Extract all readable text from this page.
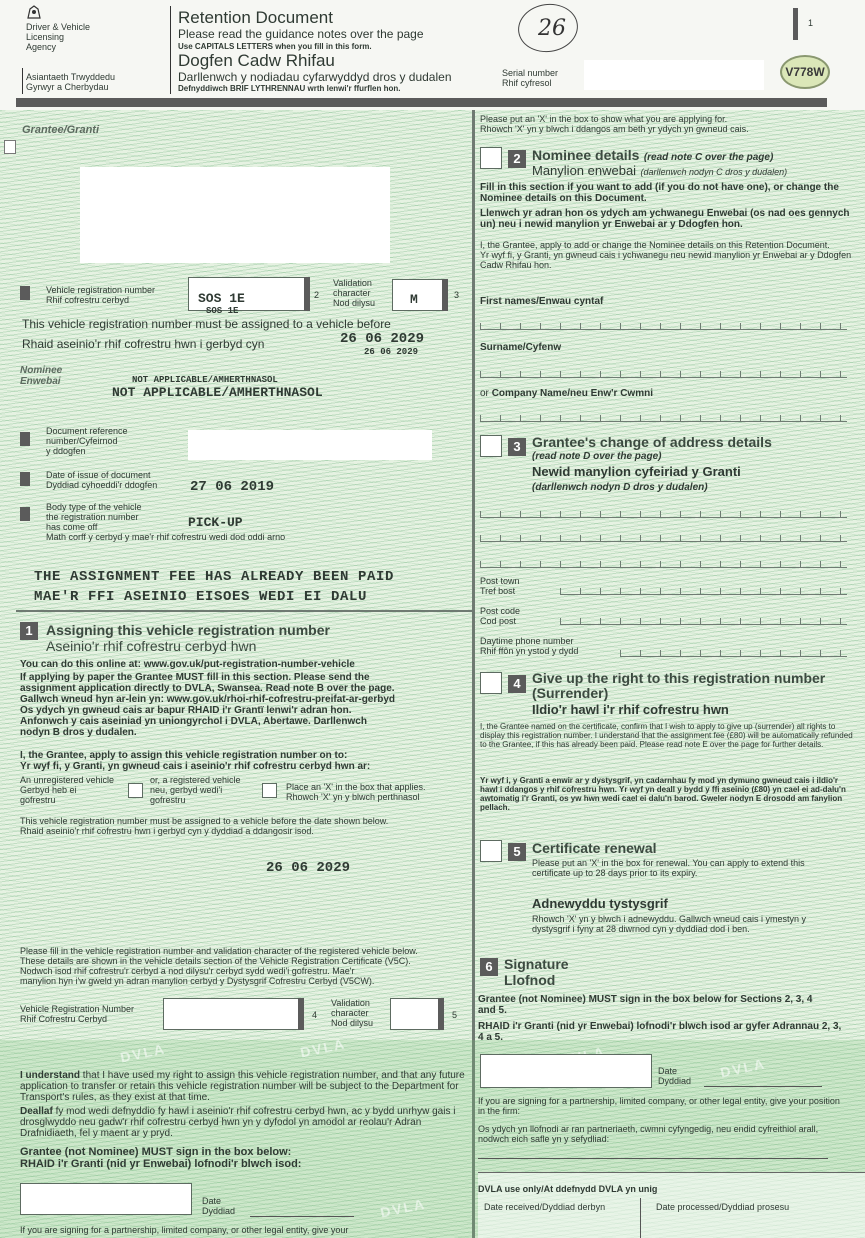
Driver & Vehicle
Licensing
Agency
Asiantaeth Trwyddedu
Gyrwyr a Cherbydau
Retention Document
Please read the guidance notes over the page
Use CAPITALS LETTERS when you fill in this form.
Dogfen Cadw Rhifau
Darllenwch y nodiadau cyfarwyddyd dros y dudalen
Defnyddiwch BRIF LYTHRENNAU wrth lenwi'r ffurflen hon.
26
Serial number
Rhif cyfresol
1
V778W
Grantee/Granti
Vehicle registration number
Rhif cofrestru cerbyd	SOS 1E
SOS 1E
2
Validation
character
Nod dilysu	M	3
This vehicle registration number must be assigned to a vehicle before
Rhaid aseinio'r rhif cofrestru hwn i gerbyd cyn	26 06 2029
26 06 2029
Nominee
Enwebai	NOT APPLICABLE/AMHERTHNASOL
NOT APPLICABLE/AMHERTHNASOL
Document reference
number/Cyfeirnod
y ddogfen
Date of issue of document
Dyddiad cyhoeddi'r ddogfen 27 06 2019
Body type of the vehicle
the registration number
has come off
Math corff y cerbyd y mae'r rhif cofrestru wedi dod oddi arno
PICK-UP
THE ASSIGNMENT FEE HAS ALREADY BEEN PAID
MAE'R FFI ASEINIO EISOES WEDI EI DALU
1 Assigning this vehicle registration number
Aseinio'r rhif cofrestru cerbyd hwn
You can do this online at: www.gov.uk/put-registration-number-vehicle
If applying by paper the Grantee MUST fill in this section. Please send the
assignment application directly to DVLA, Swansea. Read note B over the page.
Gallwch wneud hyn ar-lein yn: www.gov.uk/rhoi-rhif-cofrestru-preifat-ar-gerbyd
Os ydych yn gwneud cais ar bapur RHAID i'r Grantï lenwi'r adran hon.
Anfonwch y cais aseiniad yn uniongyrchol i DVLA, Abertawe. Darllenwch
nodyn B dros y dudalen.
I, the Grantee, apply to assign this vehicle registration number on to:
Yr wyf fi, y Granti, yn gwneud cais i aseinio'r rhif cofrestru cerbyd hwn ar:
An unregistered vehicle
Gerbyd heb ei
gofrestru
or, a registered vehicle
neu, gerbyd wedi'i
gofrestru
Place an 'X' in the box that applies.
Rhowch 'X' yn y blwch perthnasol
This vehicle registration number must be assigned to a vehicle before the date shown below.
Rhaid aseinio'r rhif cofrestru hwn i gerbyd cyn y dyddiad a ddangosir isod.
26 06 2029
Please fill in the vehicle registration number and validation character of the registered vehicle below.
These details are shown in the vehicle details section of the Vehicle Registration Certificate (V5C).
Nodwch isod rhif cofrestru'r cerbyd a nod dilysu'r cerbyd sydd wedi'i gofrestru. Mae'r
manylion hyn i'w gweld yn adran manylion cerbyd y Dystysgrif Cofrestru Cerbyd (V5CW).
Vehicle Registration Number
Rhif Cofrestru Cerbyd	4
Validation
character
Nod dilysu
5
DVLA	DVLA
DVLA
DVLA
I understand that I have used my right to assign this vehicle registration number, and that any future application to transfer or retain this vehicle registration number will be subject to the Department for Transport's rules, as they exist at that time.
Deallaf fy mod wedi defnyddio fy hawl i aseinio'r rhif cofrestru cerbyd hwn, ac y bydd unrhyw gais i drosglwyddo neu gadw'r rhif cofrestru cerbyd hwn yn y dyfodol yn amodol ar reolau'r Adran Drafnidiaeth, fel y maent ar y pryd.
Grantee (not Nominee) MUST sign in the box below:
RHAID i'r Granti (nid yr Enwebai) lofnodi'r blwch isod:
Date
Dyddiad
If you are signing for a partnership, limited company, or other legal entity, give your
Please put an 'X' in the box to show what you are applying for.
Rhowch 'X' yn y blwch i ddangos am beth yr ydych yn gwneud cais.
2 Nominee details (read note C over the page)
Manylion enwebai (darllenwch nodyn C dros y dudalen)
Fill in this section if you want to add (if you do not have one), or change the Nominee details on this Document.
Llenwch yr adran hon os ydych am ychwanegu Enwebai (os nad oes gennych un) neu i newid manylion yr Enwebai ar y Ddogfen hon.
I, the Grantee, apply to add or change the Nominee details on this Retention Document.
Yr wyf fi, y Granti, yn gwneud cais i ychwanegu neu newid manylion yr Enwebai ar y Ddogfen Cadw Rhifau hon.
First names/Enwau cyntaf
Surname/Cyfenw
or Company Name/neu Enw'r Cwmni
3 Grantee's change of address details
(read note D over the page)
Newid manylion cyfeiriad y Granti
(darllenwch nodyn D dros y dudalen)
Post town
Tref bost
Post code
Cod post
Daytime phone number
Rhif ffôn yn ystod y dydd
4 Give up the right to this registration number (Surrender)
Ildio'r hawl i'r rhif cofrestru hwn
I, the Grantee named on the certificate, confirm that I wish to apply to give up (surrender) all rights to display this registration number. I understand that the assignment fee (£80) will be automatically refunded to the Grantee, if this has already been paid. Please read note E over the page for further details.
Yr wyf i, y Granti a enwir ar y dystysgrif, yn cadarnhau fy mod yn dymuno gwneud cais i ildio'r hawl i ddangos y rhif cofrestru hwn. Yr wyf yn deall y bydd y ffi aseinio (£80) yn cael ei ad-dalu'n awtomatig i'r Granti, os yw hwn wedi cael ei dalu'n barod. Gweler nodyn E drosodd am fanylion pellach.
5 Certificate renewal
Please put an 'X' in the box for renewal. You can apply to extend this certificate up to 28 days prior to its expiry.
Adnewyddu tystysgrif
Rhowch 'X' yn y blwch i adnewyddu. Gallwch wneud cais i ymestyn y dystysgrif i fyny at 28 diwrnod cyn y dyddiad dod i ben.
6 Signature
Llofnod
Grantee (not Nominee) MUST sign in the box below for Sections 2, 3, 4 and 5.
RHAID i'r Granti (nid yr Enwebai) lofnodi'r blwch isod ar gyfer Adrannau 2, 3, 4 a 5.
Date
Dyddiad
If you are signing for a partnership, limited company, or other legal entity, give your position in the firm:
Os ydych yn llofnodi ar ran partneriaeth, cwmni cyfyngedig, neu endid cyfreithiol arall, nodwch eich safle yn y sefydliad:
DVLA use only/At ddefnydd DVLA yn unig
Date received/Dyddiad derbyn	Date processed/Dyddiad prosesu
